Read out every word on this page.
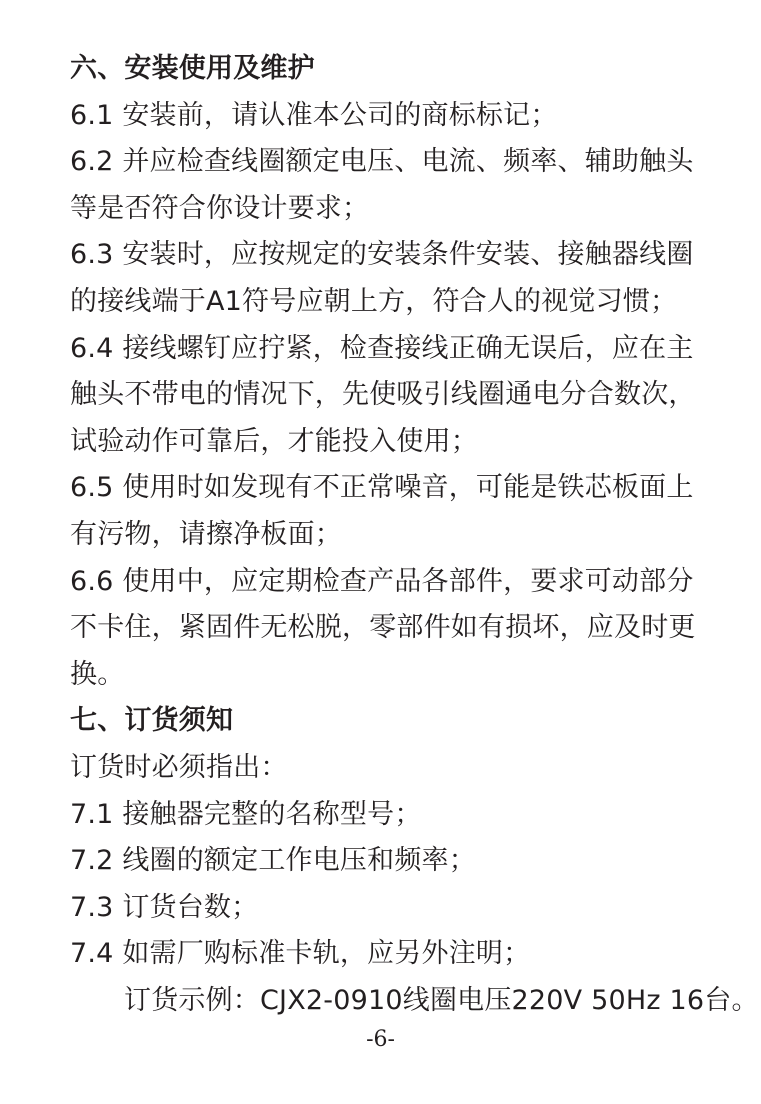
六、安装使用及维护
6.1 安装前，请认准本公司的商标标记；
6.2 并应检查线圈额定电压、电流、频率、辅助触头
等是否符合你设计要求；
6.3 安装时，应按规定的安装条件安装、接触器线圈
的接线端于A1符号应朝上方，符合人的视觉习惯；
6.4 接线螺钉应拧紧，检查接线正确无误后，应在主
触头不带电的情况下，先使吸引线圈通电分合数次，
试验动作可靠后，才能投入使用；
6.5 使用时如发现有不正常噪音，可能是铁芯板面上
有污物，请擦净板面；
6.6 使用中，应定期检查产品各部件，要求可动部分
不卡住，紧固件无松脱，零部件如有损坏，应及时更
换。
七、订货须知
订货时必须指出：
7.1 接触器完整的名称型号；
7.2 线圈的额定工作电压和频率；
7.3 订货台数；
7.4 如需厂购标准卡轨，应另外注明；
订货示例：CJX2-0910线圈电压220V 50Hz 16台。
-6-
